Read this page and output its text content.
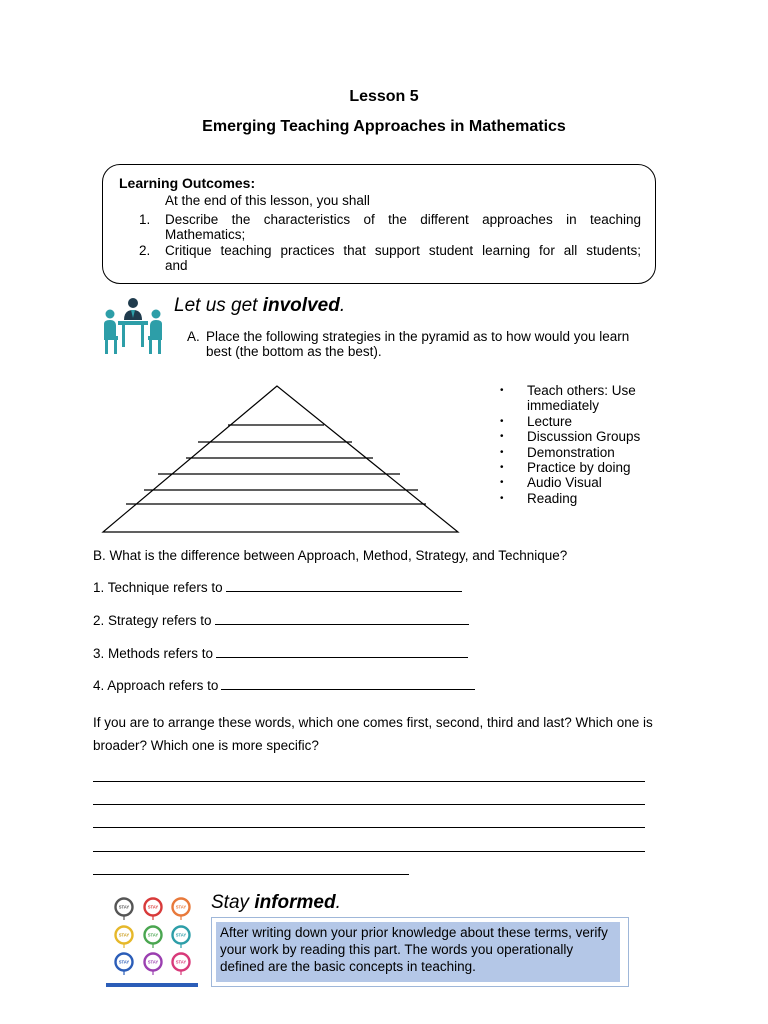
Lesson 5
Emerging Teaching Approaches in Mathematics
Learning Outcomes:
At the end of this lesson, you shall
1.	Describe the characteristics of the different approaches in teaching
Mathematics;
2.	Critique teaching practices that support student learning for all students;
and
Let us get involved.
A. Place the following strategies in the pyramid as to how would you learn best (the bottom as the best).
•	Teach others: Use immediately
•	Lecture
•	Discussion Groups
•	Demonstration
•	Practice by doing
•	Audio Visual
•	Reading
B. What is the difference between Approach, Method, Strategy, and Technique?
1. Technique refers to
2. Strategy refers to
3. Methods refers to
4. Approach refers to
If you are to arrange these words, which one comes first, second, third and last? Which one is broader? Which one is more specific?
STAY	STAY	STAY
STAY	STAY	STAY
STAY	STAY	STAY
Stay informed.
After writing down your prior knowledge about these terms, verify your work by reading this part. The words you operationally defined are the basic concepts in teaching.
